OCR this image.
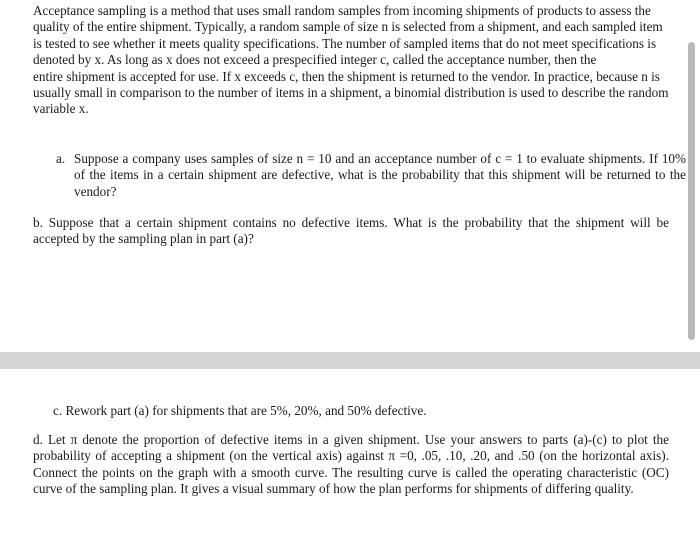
Acceptance sampling is a method that uses small random samples from incoming shipments of products to assess the quality of the entire shipment. Typically, a random sample of size n is selected from a shipment, and each sampled item is tested to see whether it meets quality specifications. The number of sampled items that do not meet specifications is denoted by x. As long as x does not exceed a prespecified integer c, called the acceptance number, then the
entire shipment is accepted for use. If x exceeds c, then the shipment is returned to the vendor. In practice, because n is usually small in comparison to the number of items in a shipment, a binomial distribution is used to describe the random variable x.

a. Suppose a company uses samples of size n = 10 and an acceptance number of c = 1 to evaluate shipments. If 10% of the items in a certain shipment are defective, what is the probability that this shipment will be returned to the vendor?

b. Suppose that a certain shipment contains no defective items. What is the probability that the shipment will be accepted by the sampling plan in part (a)?

c. Rework part (a) for shipments that are 5%, 20%, and 50% defective.

d. Let π denote the proportion of defective items in a given shipment. Use your answers to parts (a)-(c) to plot the probability of accepting a shipment (on the vertical axis) against π =0, .05, .10, .20, and .50 (on the horizontal axis). Connect the points on the graph with a smooth curve. The resulting curve is called the operating characteristic (OC) curve of the sampling plan. It gives a visual summary of how the plan performs for shipments of differing quality.
